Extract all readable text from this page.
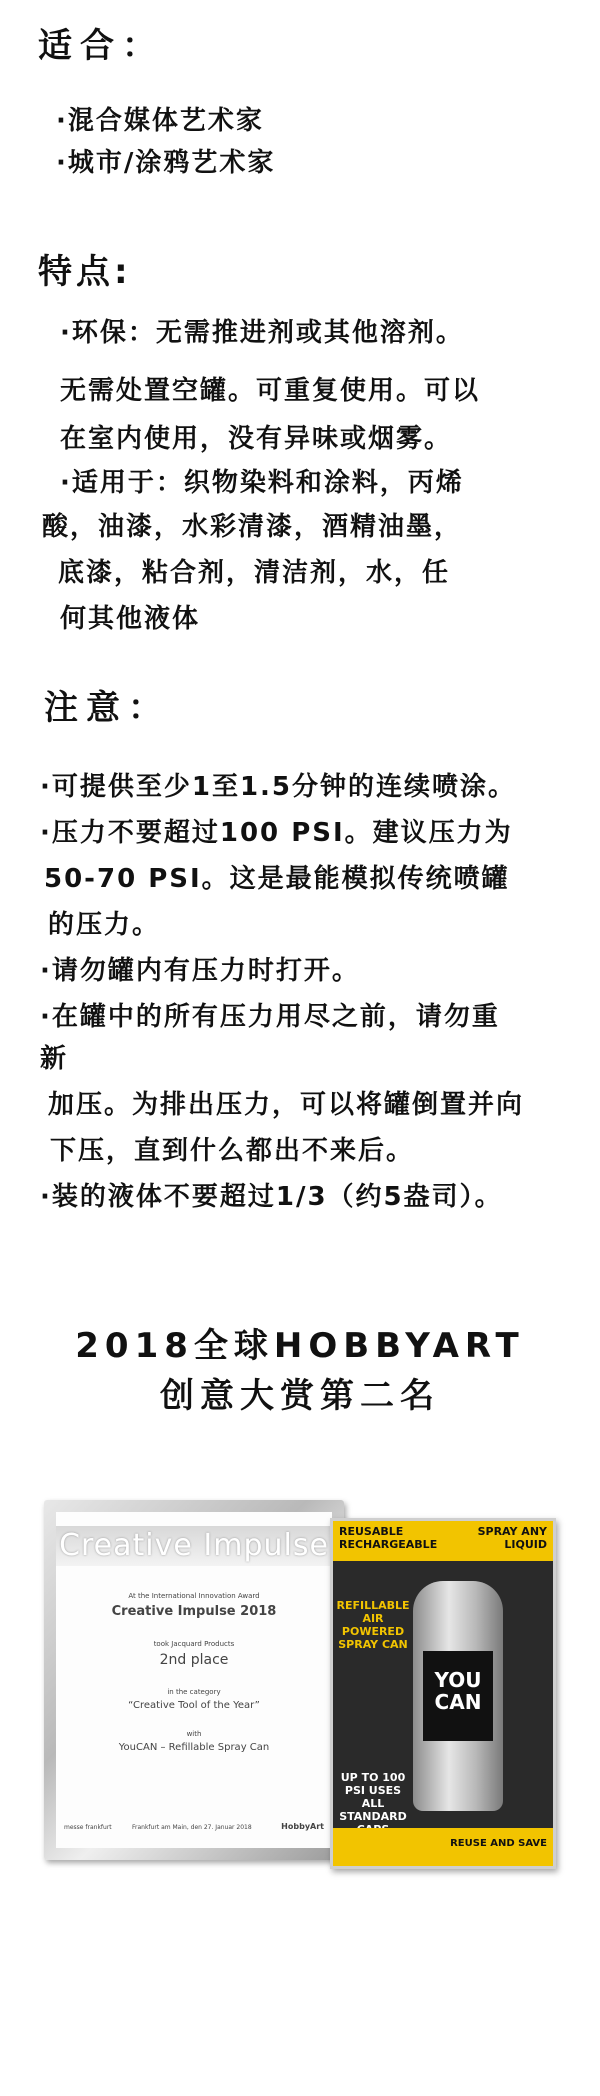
适合：
·混合媒体艺术家
·城市/涂鸦艺术家
特点:
·环保：无需推进剂或其他溶剂。
无需处置空罐。可重复使用。可以
在室内使用，没有异味或烟雾。
·适用于：织物染料和涂料，丙烯
酸，油漆，水彩清漆，酒精油墨，
底漆，粘合剂，清洁剂，水，任
何其他液体
注意：
·可提供至少1至1.5分钟的连续喷涂。
·压力不要超过100 PSI。建议压力为
50-70 PSI。这是最能模拟传统喷罐
的压力。
·请勿罐内有压力时打开。
·在罐中的所有压力用尽之前，请勿重
新
加压。为排出压力，可以将罐倒置并向
下压，直到什么都出不来后。
·装的液体不要超过1/3（约5盎司）。
2018全球HOBBYART
创意大赏第二名
Creative Impulse
At the International Innovation Award
Creative Impulse 2018
took Jacquard Products
2nd place
in the category
“Creative Tool of the Year”
with
YouCAN – Refillable Spray Can
messe frankfurt	Frankfurt am Main, den 27. Januar 2018	HobbyArt
REUSABLE RECHARGEABLE
SPRAY ANY LIQUID
REFILLABLE AIR POWERED SPRAY CAN
YOU CAN
UP TO 100 PSI USES ALL STANDARD
REUSE AND SAVE
